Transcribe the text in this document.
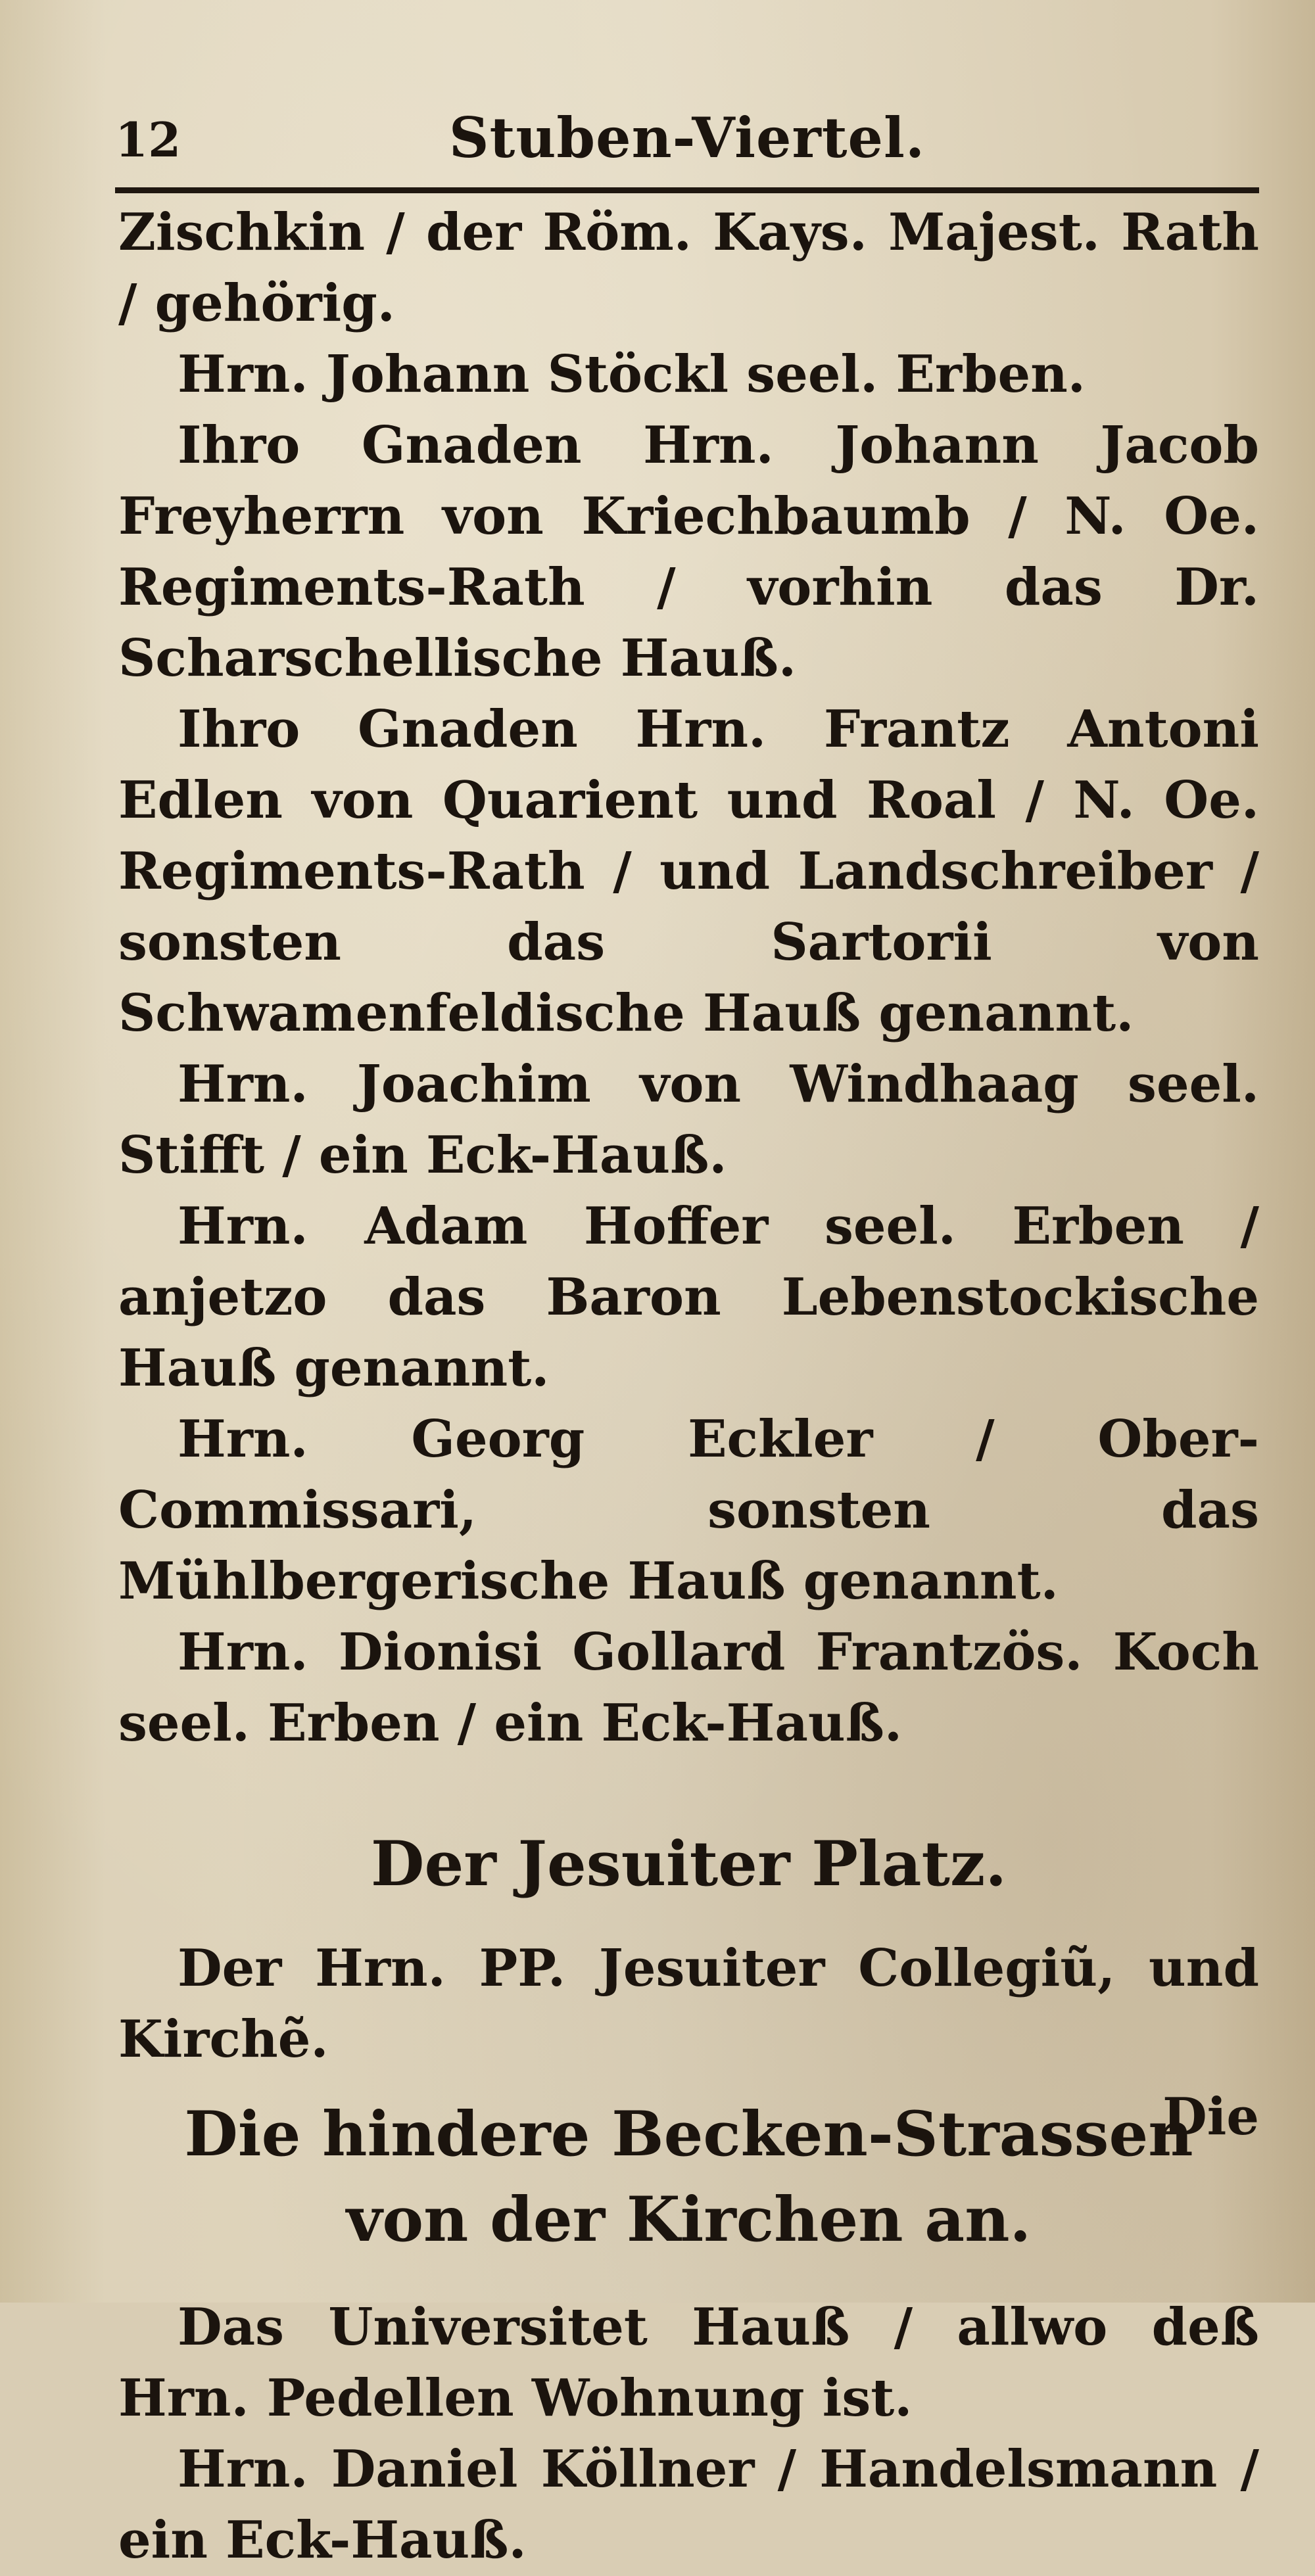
12	Stuben-Viertel.

Zischkin / der Röm. Kays. Majest. Rath / gehörig.

Hrn. Johann Stöckl seel. Erben.

Ihro Gnaden Hrn. Johann Jacob Freyherrn von Kriechbaumb / N. Oe. Regiments-Rath / vorhin das Dr. Scharschellische Hauß.

Ihro Gnaden Hrn. Frantz Antoni Edlen von Quarient und Roal / N. Oe. Regiments-Rath / und Landschreiber / sonsten das Sartorii von Schwamenfeldische Hauß genannt.

Hrn. Joachim von Windhaag seel. Stifft / ein Eck-Hauß.

Hrn. Adam Hoffer seel. Erben / anjetzo das Baron Lebenstockische Hauß genannt.

Hrn. Georg Eckler / Ober-Commissari, sonsten das Mühlbergerische Hauß genannt.

Hrn. Dionisi Gollard Frantzös. Koch seel. Erben / ein Eck-Hauß.

Der Jesuiter Platz.

Der Hrn. PP. Jesuiter Collegiũ, und Kirchẽ.

Die hindere Becken-Strassen von der Kirchen an.

Das Universitet Hauß / allwo deß Hrn. Pedellen Wohnung ist.

Hrn. Daniel Köllner / Handelsmann / ein Eck-Hauß.

Die
